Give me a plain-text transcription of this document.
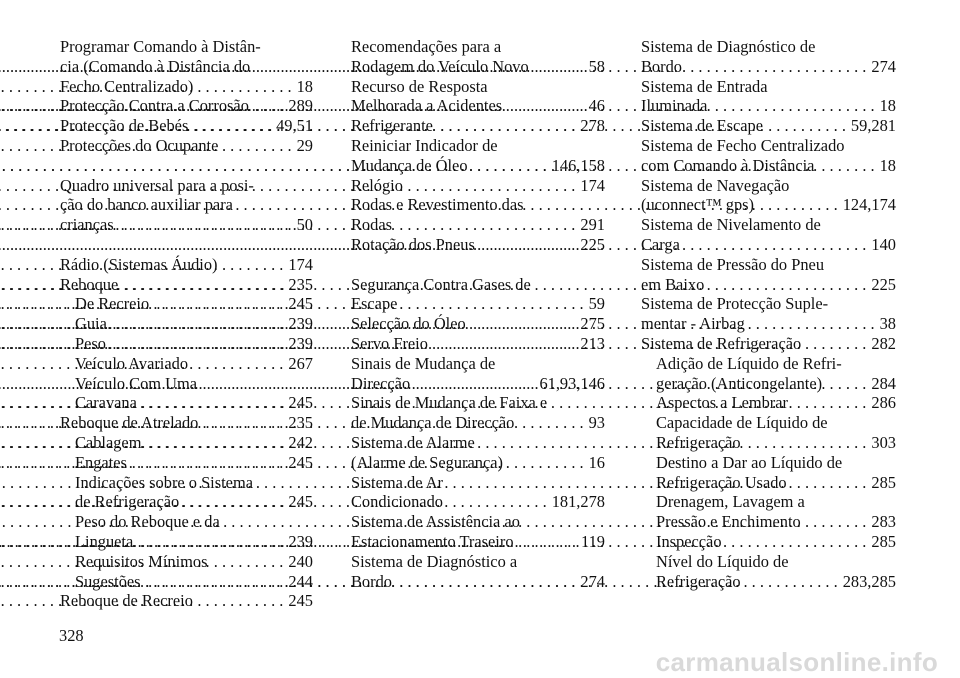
Programar Comando à Distân-
cia (Comando à Distância do
Fecho Centralizado) . . .	18
Protecção Contra a Corrosão . . . 289
Protecção de Bebés . . .	49,51
Protecções do Ocupante . . .	29
Quadro universal para a posi-
ção do banco auxiliar para
crianças . . .	50
Rádio (Sistemas Áudio) . . .	174
Reboque . . .	235
De Recreio . . .	245
Guia . . .	239
Peso . . .	239
Veículo Avariado . . .	267
Veículo Com Uma
Caravana . . .	245
Reboque de Atrelado . . .	235
Cablagem . . .	242
Engates . . .	245
Indicações sobre o Sistema
de Refrigeração . . .	245
Peso do Reboque e da
Lingueta . . .	239
Requisitos Mínimos . . .	240
Sugestões . . .	244
Reboque de Recreio . . .	245
Recomendações para a
Rodagem do Veículo Novo . . .	58
Recurso de Resposta
Melhorada a Acidentes . . .	46
Refrigerante . . .	278
Reiniciar Indicador de
Mudança de Óleo . . .	146,158
Relógio . . .	174
Rodas e Revestimento das
Rodas . . .	291
Rotação dos Pneus . . .	225
Segurança Contra Gases de
Escape . . .	59
Selecção do Óleo . . .	275
Servo Freio . . .	213
Sinais de Mudança de
Direcção . . .	61,93,146
Sinais de Mudança de Faixa e
de Mudança de Direcção . . .	93
Sistema de Alarme
(Alarme de Segurança) . . .	16
Sistema de Ar
Condicionado . . .	181,278
Sistema de Assistência ao
Estacionamento Traseiro . . .	119
Sistema de Diagnóstico a
Bordo . . .	274
Sistema de Diagnóstico de
Bordo . . .	274
Sistema de Entrada
Iluminada . . .	18
Sistema de Escape . . .	59,281
Sistema de Fecho Centralizado
com Comando à Distância . . .	18
Sistema de Navegação
(uconnect™ gps) . . .	124,174
Sistema de Nivelamento de
Carga . . .	140
Sistema de Pressão do Pneu
em Baixo . . .	225
Sistema de Protecção Suple-
mentar - Airbag . . .	38
Sistema de Refrigeração . . .	282
Adição de Líquido de Refri-
geração (Anticongelante) . . .	284
Aspectos a Lembrar . . .	286
Capacidade de Líquido de
Refrigeração . . .	303
Destino a Dar ao Líquido de
Refrigeração Usado . . .	285
Drenagem, Lavagem a
Pressão e Enchimento . . .	283
Inspecção . . .	285
Nível do Líquido de
Refrigeração . . .	283,285
328
carmanualsonline.info
